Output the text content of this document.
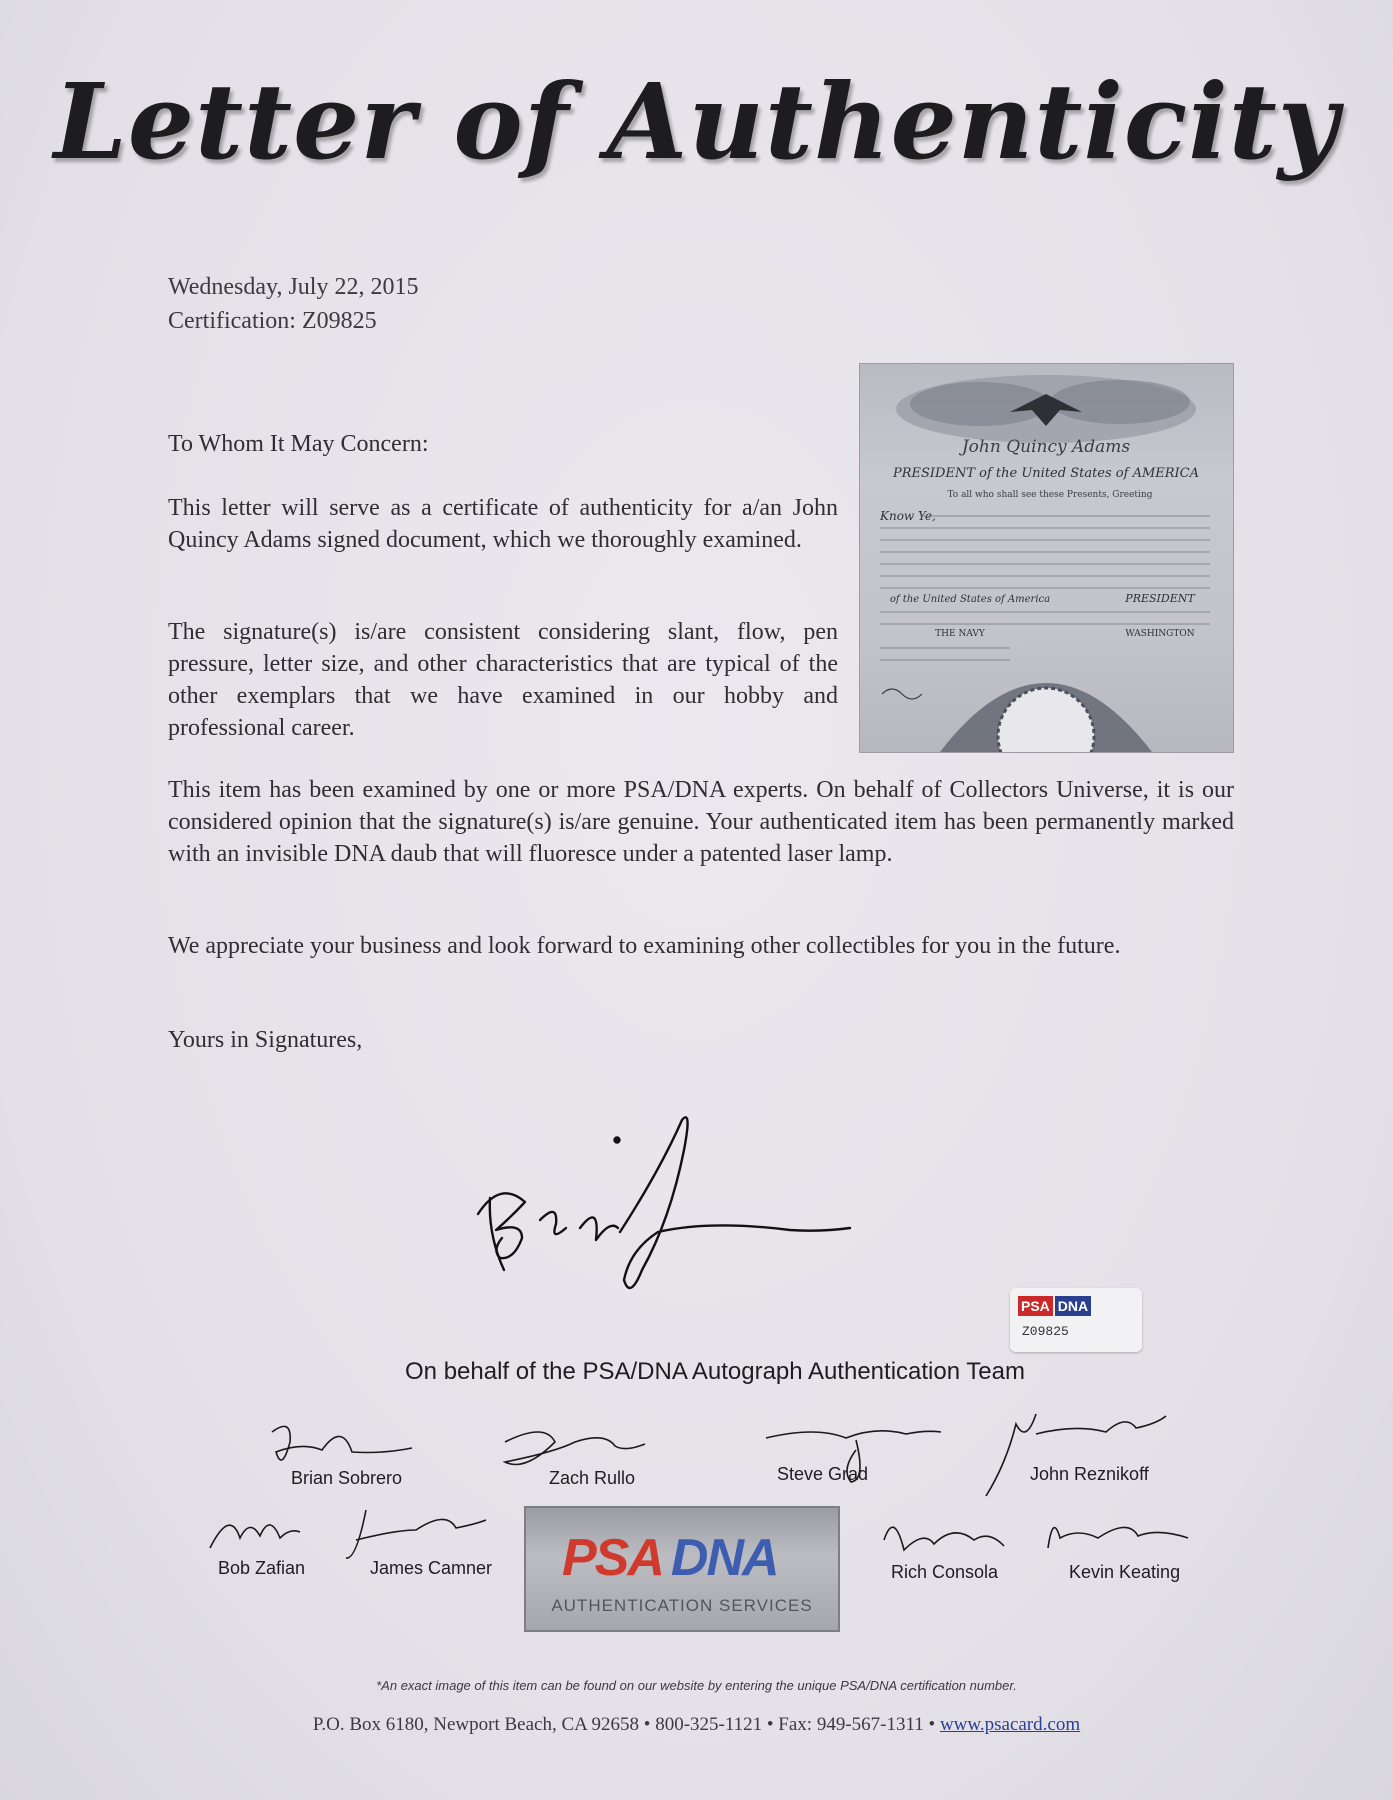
Letter of Authenticity
Wednesday, July 22, 2015
Certification: Z09825
John Quincy Adams
PRESIDENT of the United States of AMERICA
To all who shall see these Presents, Greeting
Know Ye,
PRESIDENT
of the United States of America
THE NAVY	WASHINGTON
To Whom It May Concern:
This letter will serve as a certificate of authenticity for a/an John Quincy Adams signed document, which we thoroughly examined.
The signature(s) is/are consistent considering slant, flow, pen pressure, letter size, and other characteristics that are typical of the other exemplars that we have examined in our hobby and professional career.
This item has been examined by one or more PSA/DNA experts. On behalf of Collectors Universe, it is our considered opinion that the signature(s) is/are genuine. Your authenticated item has been permanently marked with an invisible DNA daub that will fluoresce under a patented laser lamp.
We appreciate your business and look forward to examining other collectibles for you in the future.
Yours in Signatures,
On behalf of the PSA/DNA Autograph Authentication Team
PSA DNA
Z09825
Brian Sobrero	Zach Rullo	Steve Grad	John Reznikoff
Bob Zafian	James Camner	Rich Consola	Kevin Keating
PSA DNA
AUTHENTICATION SERVICES
*An exact image of this item can be found on our website by entering the unique PSA/DNA certification number.
P.O. Box 6180, Newport Beach, CA 92658 • 800-325-1121 • Fax: 949-567-1311 • www.psacard.com
